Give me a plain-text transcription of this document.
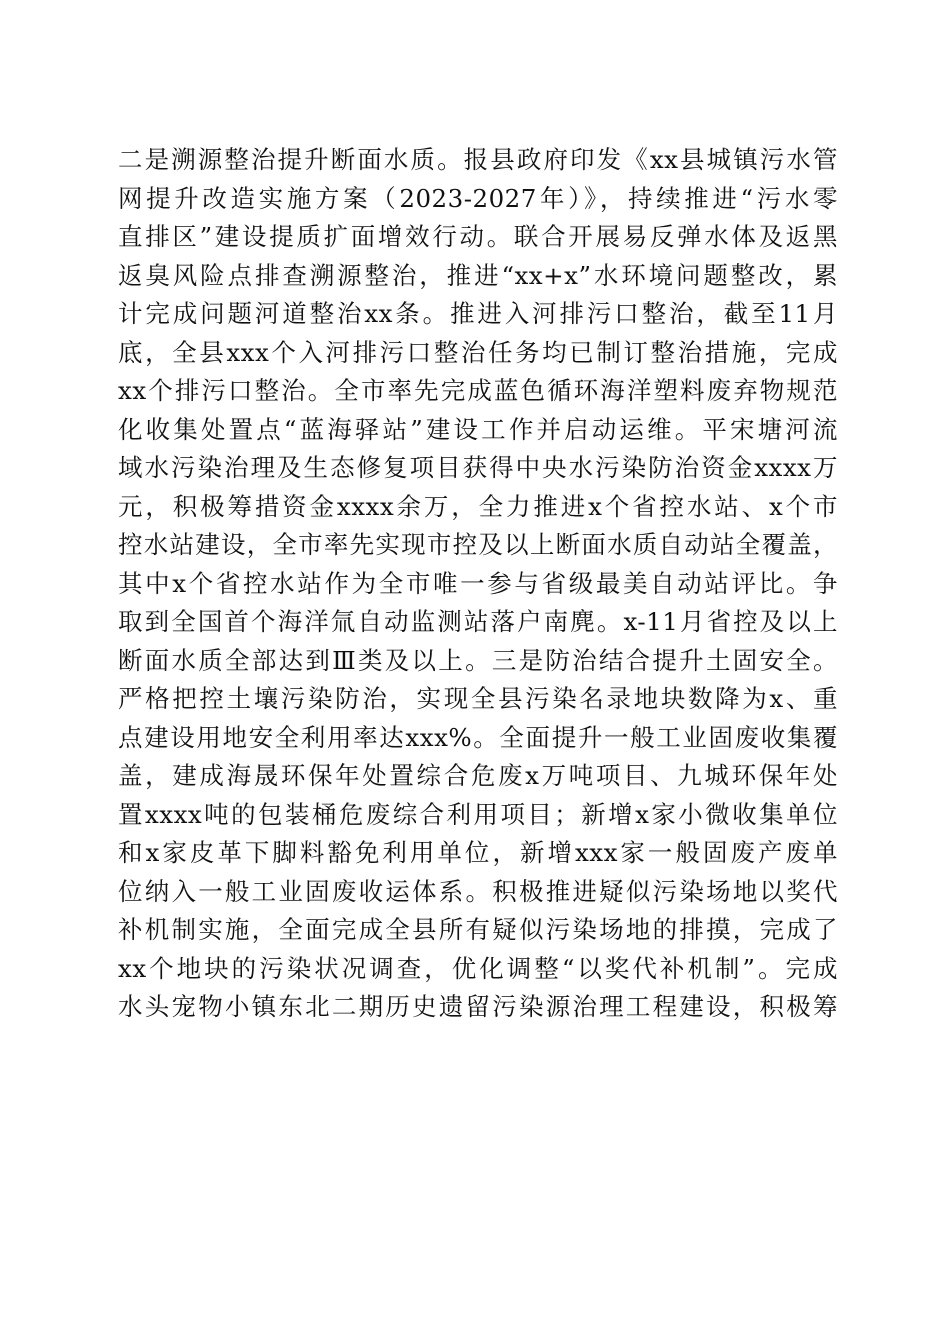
二是溯源整治提升断面水质。报县政府印发《xx县城镇污水管
网提升改造实施方案（2023-2027年）》，持续推进“污水零
直排区”建设提质扩面增效行动。联合开展易反弹水体及返黑
返臭风险点排查溯源整治，推进“xx+x”水环境问题整改，累
计完成问题河道整治xx条。推进入河排污口整治，截至11月
底，全县xxx个入河排污口整治任务均已制订整治措施，完成
xx个排污口整治。全市率先完成蓝色循环海洋塑料废弃物规范
化收集处置点“蓝海驿站”建设工作并启动运维。平宋塘河流
域水污染治理及生态修复项目获得中央水污染防治资金xxxx万
元，积极筹措资金xxxx余万，全力推进x个省控水站、x个市
控水站建设，全市率先实现市控及以上断面水质自动站全覆盖，
其中x个省控水站作为全市唯一参与省级最美自动站评比。争
取到全国首个海洋氚自动监测站落户南麂。x-11月省控及以上
断面水质全部达到Ⅲ类及以上。三是防治结合提升土固安全。
严格把控土壤污染防治，实现全县污染名录地块数降为x、重
点建设用地安全利用率达xxx%。全面提升一般工业固废收集覆
盖，建成海晟环保年处置综合危废x万吨项目、九城环保年处
置xxxx吨的包装桶危废综合利用项目；新增x家小微收集单位
和x家皮革下脚料豁免利用单位，新增xxx家一般固废产废单
位纳入一般工业固废收运体系。积极推进疑似污染场地以奖代
补机制实施，全面完成全县所有疑似污染场地的排摸，完成了
xx个地块的污染状况调查，优化调整“以奖代补机制”。完成
水头宠物小镇东北二期历史遗留污染源治理工程建设，积极筹
